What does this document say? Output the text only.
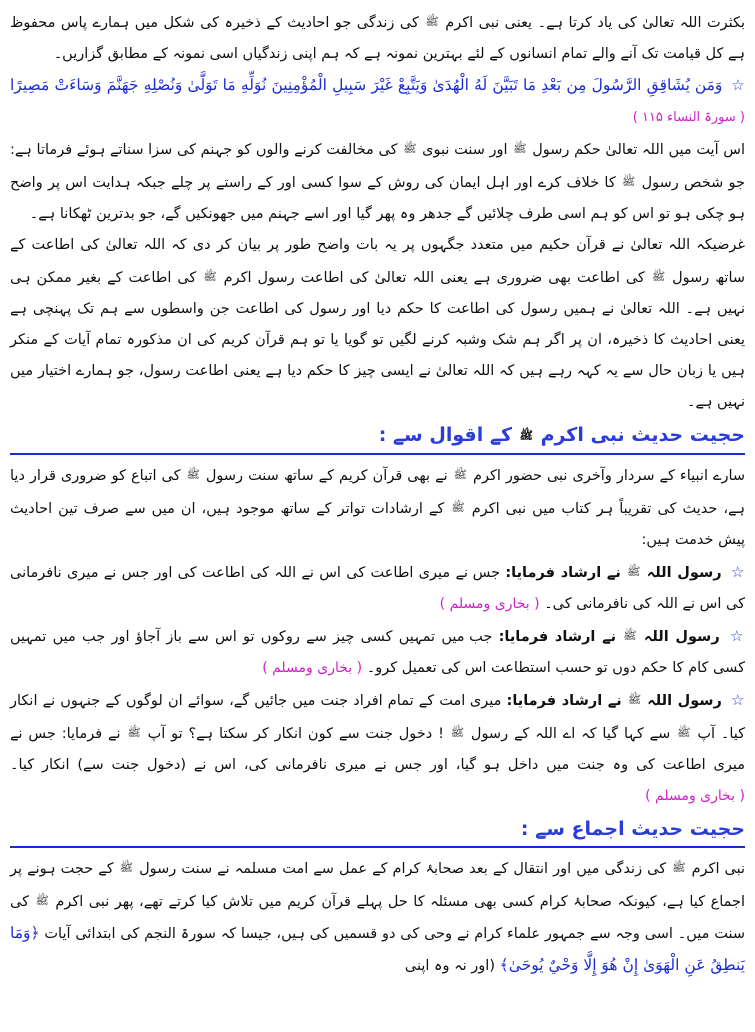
بکثرت اللہ تعالیٰ کی یاد کرتا ہے۔ یعنی نبی اکرم ﷺ کی زندگی جو احادیث کے ذخیرہ کی شکل میں ہمارے پاس محفوظ ہے کل قیامت تک آنے والے تمام انسانوں کے لئے بہترین نمونہ ہے کہ ہم اپنی زندگیاں اسی نمونہ کے مطابق گزاریں۔

☆ وَمَن يُشَاقِقِ الرَّسُولَ مِن بَعْدِ مَا تَبَيَّنَ لَهُ الْهُدَىٰ وَيَتَّبِعْ غَيْرَ سَبِيلِ الْمُؤْمِنِينَ نُوَلِّهِ مَا تَوَلَّىٰ وَنُصْلِهِ جَهَنَّمَ وَسَاءَتْ مَصِيرًا ( سورۃ النساء ۱۱۵ )

اس آیت میں اللہ تعالیٰ حکم رسول ﷺ اور سنت نبوی ﷺ کی مخالفت کرنے والوں کو جہنم کی سزا سناتے ہوئے فرماتا ہے: جو شخص رسول ﷺ کا خلاف کرے اور اہل ایمان کی روش کے سوا کسی اور کے راستے پر چلے جبکہ ہدایت اس پر واضح ہو چکی ہو تو اس کو ہم اسی طرف چلائیں گے جدھر وہ پھر گیا اور اسے جہنم میں جھونکیں گے، جو بدترین ٹھکانا ہے۔

غرضیکہ اللہ تعالیٰ نے قرآن حکیم میں متعدد جگہوں پر یہ بات واضح طور پر بیان کر دی کہ اللہ تعالیٰ کی اطاعت کے ساتھ رسول ﷺ کی اطاعت بھی ضروری ہے یعنی اللہ تعالیٰ کی اطاعت رسول اکرم ﷺ کی اطاعت کے بغیر ممکن ہی نہیں ہے۔ اللہ تعالیٰ نے ہمیں رسول کی اطاعت کا حکم دیا اور رسول کی اطاعت جن واسطوں سے ہم تک پہنچی ہے یعنی احادیث کا ذخیرہ، ان پر اگر ہم شک وشبہ کرنے لگیں تو گویا یا تو ہم قرآن کریم کی ان مذکورہ تمام آیات کے منکر ہیں یا زبان حال سے یہ کہہ رہے ہیں کہ اللہ تعالیٰ نے ایسی چیز کا حکم دیا ہے یعنی اطاعت رسول، جو ہمارے اختیار میں نہیں ہے۔

حجیت حدیث نبی اکرم ﷺ کے اقوال سے :

سارے انبیاء کے سردار وآخری نبی حضور اکرم ﷺ نے بھی قرآن کریم کے ساتھ سنت رسول ﷺ کی اتباع کو ضروری قرار دیا ہے، حدیث کی تقریباً ہر کتاب میں نبی اکرم ﷺ کے ارشادات تواتر کے ساتھ موجود ہیں، ان میں سے صرف تین احادیث پیش خدمت ہیں:

☆ رسول اللہ ﷺ نے ارشاد فرمایا: جس نے میری اطاعت کی اس نے اللہ کی اطاعت کی اور جس نے میری نافرمانی کی اس نے اللہ کی نافرمانی کی۔ ( بخاری ومسلم )

☆ رسول اللہ ﷺ نے ارشاد فرمایا: جب میں تمہیں کسی چیز سے روکوں تو اس سے باز آجاؤ اور جب میں تمہیں کسی کام کا حکم دوں تو حسب استطاعت اس کی تعمیل کرو۔ ( بخاری ومسلم )

☆ رسول اللہ ﷺ نے ارشاد فرمایا: میری امت کے تمام افراد جنت میں جائیں گے، سوائے ان لوگوں کے جنہوں نے انکار کیا۔ آپ ﷺ سے کہا گیا کہ اے اللہ کے رسول ﷺ ! دخول جنت سے کون انکار کر سکتا ہے؟ تو آپ ﷺ نے فرمایا: جس نے میری اطاعت کی وہ جنت میں داخل ہو گیا، اور جس نے میری نافرمانی کی، اس نے (دخول جنت سے) انکار کیا۔ ( بخاری ومسلم )

حجیت حدیث اجماع سے :

نبی اکرم ﷺ کی زندگی میں اور انتقال کے بعد صحابۂ کرام کے عمل سے امت مسلمہ نے سنت رسول ﷺ کے حجت ہونے پر اجماع کیا ہے، کیونکہ صحابۂ کرام کسی بھی مسئلہ کا حل پہلے قرآن کریم میں تلاش کیا کرتے تھے، پھر نبی اکرم ﷺ کی سنت میں۔ اسی وجہ سے جمہور علماء کرام نے وحی کی دو قسمیں کی ہیں، جیسا کہ سورۃ النجم کی ابتدائی آیات ﴿وَمَا يَنطِقُ عَنِ الْهَوَىٰ إِنْ هُوَ إِلَّا وَحْيٌ يُوحَىٰ﴾ (اور نہ وہ اپنی
